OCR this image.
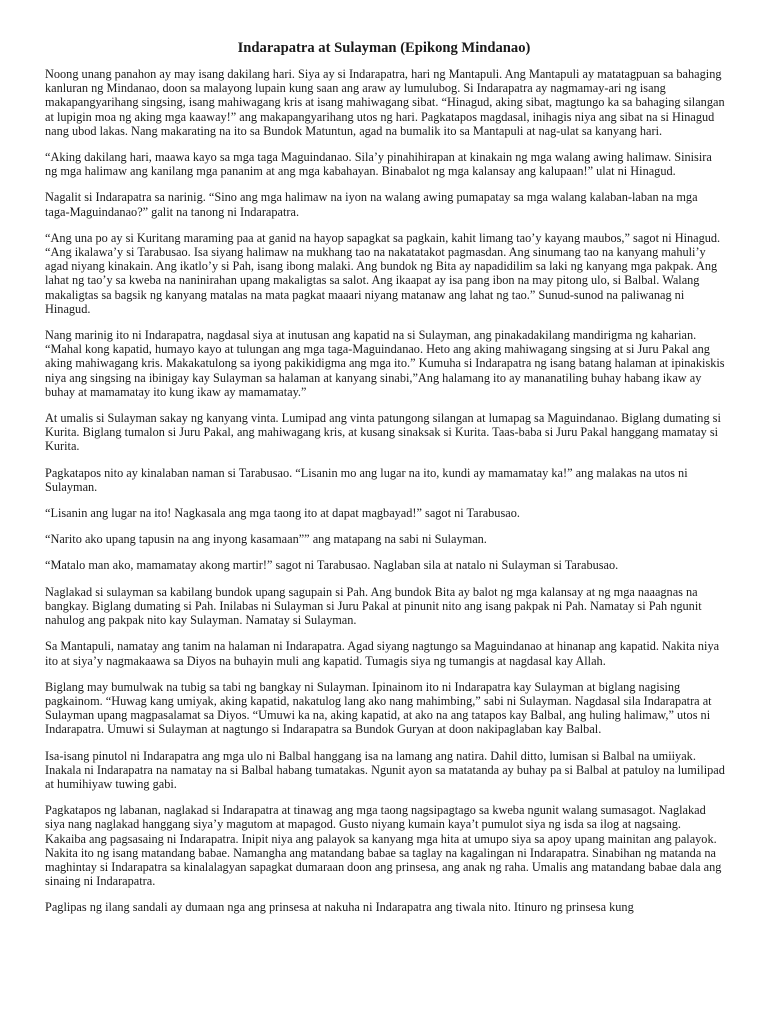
Indarapatra at Sulayman (Epikong Mindanao)

Noong unang panahon ay may isang dakilang hari. Siya ay si Indarapatra, hari ng Mantapuli. Ang Mantapuli ay matatagpuan sa bahaging kanluran ng Mindanao, doon sa malayong lupain kung saan ang araw ay lumulubog. Si Indarapatra ay nagmamay-ari ng isang makapangyarihang singsing, isang mahiwagang kris at isang mahiwagang sibat. “Hinagud, aking sibat, magtungo ka sa bahaging silangan at lupigin moa ng aking mga kaaway!” ang makapangyarihang utos ng hari. Pagkatapos magdasal, inihagis niya ang sibat na si Hinagud nang ubod lakas. Nang makarating na ito sa Bundok Matuntun, agad na bumalik ito sa Mantapuli at nag-ulat sa kanyang hari.

“Aking dakilang hari, maawa kayo sa mga taga Maguindanao. Sila’y pinahihirapan at kinakain ng mga walang awing halimaw. Sinisira ng mga halimaw ang kanilang mga pananim at ang mga kabahayan. Binabalot ng mga kalansay ang kalupaan!” ulat ni Hinagud.

Nagalit si Indarapatra sa narinig. “Sino ang mga halimaw na iyon na walang awing pumapatay sa mga walang kalaban-laban na mga taga-Maguindanao?” galit na tanong ni Indarapatra.

“Ang una po ay si Kuritang maraming paa at ganid na hayop sapagkat sa pagkain, kahit limang tao’y kayang maubos,” sagot ni Hinagud. “Ang ikalawa’y si Tarabusao. Isa siyang halimaw na mukhang tao na nakatatakot pagmasdan. Ang sinumang tao na kanyang mahuli’y agad niyang kinakain. Ang ikatlo’y si Pah, isang ibong malaki. Ang bundok ng Bita ay napadidilim sa laki ng kanyang mga pakpak. Ang lahat ng tao’y sa kweba na naninirahan upang makaligtas sa salot. Ang ikaapat ay isa pang ibon na may pitong ulo, si Balbal. Walang makaligtas sa bagsik ng kanyang matalas na mata pagkat maaari niyang matanaw ang lahat ng tao.” Sunud-sunod na paliwanag ni Hinagud.

Nang marinig ito ni Indarapatra, nagdasal siya at inutusan ang kapatid na si Sulayman, ang pinakadakilang mandirigma ng kaharian. “Mahal kong kapatid, humayo kayo at tulungan ang mga taga-Maguindanao. Heto ang aking mahiwagang singsing at si Juru Pakal ang aking mahiwagang kris. Makakatulong sa iyong pakikidigma ang mga ito.” Kumuha si Indarapatra ng isang batang halaman at ipinakiskis niya ang singsing na ibinigay kay Sulayman sa halaman at kanyang sinabi,”Ang halamang ito ay mananatiling buhay habang ikaw ay buhay at mamamatay ito kung ikaw ay mamamatay.”

At umalis si Sulayman sakay ng kanyang vinta. Lumipad ang vinta patungong silangan at lumapag sa Maguindanao. Biglang dumating si Kurita. Biglang tumalon si Juru Pakal, ang mahiwagang kris, at kusang sinaksak si Kurita. Taas-baba si Juru Pakal hanggang mamatay si Kurita.

Pagkatapos nito ay kinalaban naman si Tarabusao. “Lisanin mo ang lugar na ito, kundi ay mamamatay ka!” ang malakas na utos ni Sulayman.

“Lisanin ang lugar na ito! Nagkasala ang mga taong ito at dapat magbayad!” sagot ni Tarabusao.

“Narito ako upang tapusin na ang inyong kasamaan”” ang matapang na sabi ni Sulayman.

“Matalo man ako, mamamatay akong martir!” sagot ni Tarabusao. Naglaban sila at natalo ni Sulayman si Tarabusao.

Naglakad si sulayman sa kabilang bundok upang sagupain si Pah. Ang bundok Bita ay balot ng mga kalansay at ng mga naaagnas na bangkay. Biglang dumating si Pah. Inilabas ni Sulayman si Juru Pakal at pinunit nito ang isang pakpak ni Pah. Namatay si Pah ngunit nahulog ang pakpak nito kay Sulayman. Namatay si Sulayman.

Sa Mantapuli, namatay ang tanim na halaman ni Indarapatra. Agad siyang nagtungo sa Maguindanao at hinanap ang kapatid. Nakita niya ito at siya’y nagmakaawa sa Diyos na buhayin muli ang kapatid. Tumagis siya ng tumangis at nagdasal kay Allah.

Biglang may bumulwak na tubig sa tabi ng bangkay ni Sulayman. Ipinainom ito ni Indarapatra kay Sulayman at biglang nagising pagkainom. “Huwag kang umiyak, aking kapatid, nakatulog lang ako nang mahimbing,” sabi ni Sulayman. Nagdasal sila Indarapatra at Sulayman upang magpasalamat sa Diyos. “Umuwi ka na, aking kapatid, at ako na ang tatapos kay Balbal, ang huling halimaw,” utos ni Indarapatra. Umuwi si Sulayman at nagtungo si Indarapatra sa Bundok Guryan at doon nakipaglaban kay Balbal.

Isa-isang pinutol ni Indarapatra ang mga ulo ni Balbal hanggang isa na lamang ang natira. Dahil ditto, lumisan si Balbal na umiiyak. Inakala ni Indarapatra na namatay na si Balbal habang tumatakas. Ngunit ayon sa matatanda ay buhay pa si Balbal at patuloy na lumilipad at humihiyaw tuwing gabi.

Pagkatapos ng labanan, naglakad si Indarapatra at tinawag ang mga taong nagsipagtago sa kweba ngunit walang sumasagot. Naglakad siya nang naglakad hanggang siya’y magutom at mapagod. Gusto niyang kumain kaya’t pumulot siya ng isda sa ilog at nagsaing. Kakaiba ang pagsasaing ni Indarapatra. Inipit niya ang palayok sa kanyang mga hita at umupo siya sa apoy upang mainitan ang palayok. Nakita ito ng isang matandang babae. Namangha ang matandang babae sa taglay na kagalingan ni Indarapatra. Sinabihan ng matanda na maghintay si Indarapatra sa kinalalagyan sapagkat dumaraan doon ang prinsesa, ang anak ng raha. Umalis ang matandang babae dala ang sinaing ni Indarapatra.

Paglipas ng ilang sandali ay dumaan nga ang prinsesa at nakuha ni Indarapatra ang tiwala nito. Itinuro ng prinsesa kung
